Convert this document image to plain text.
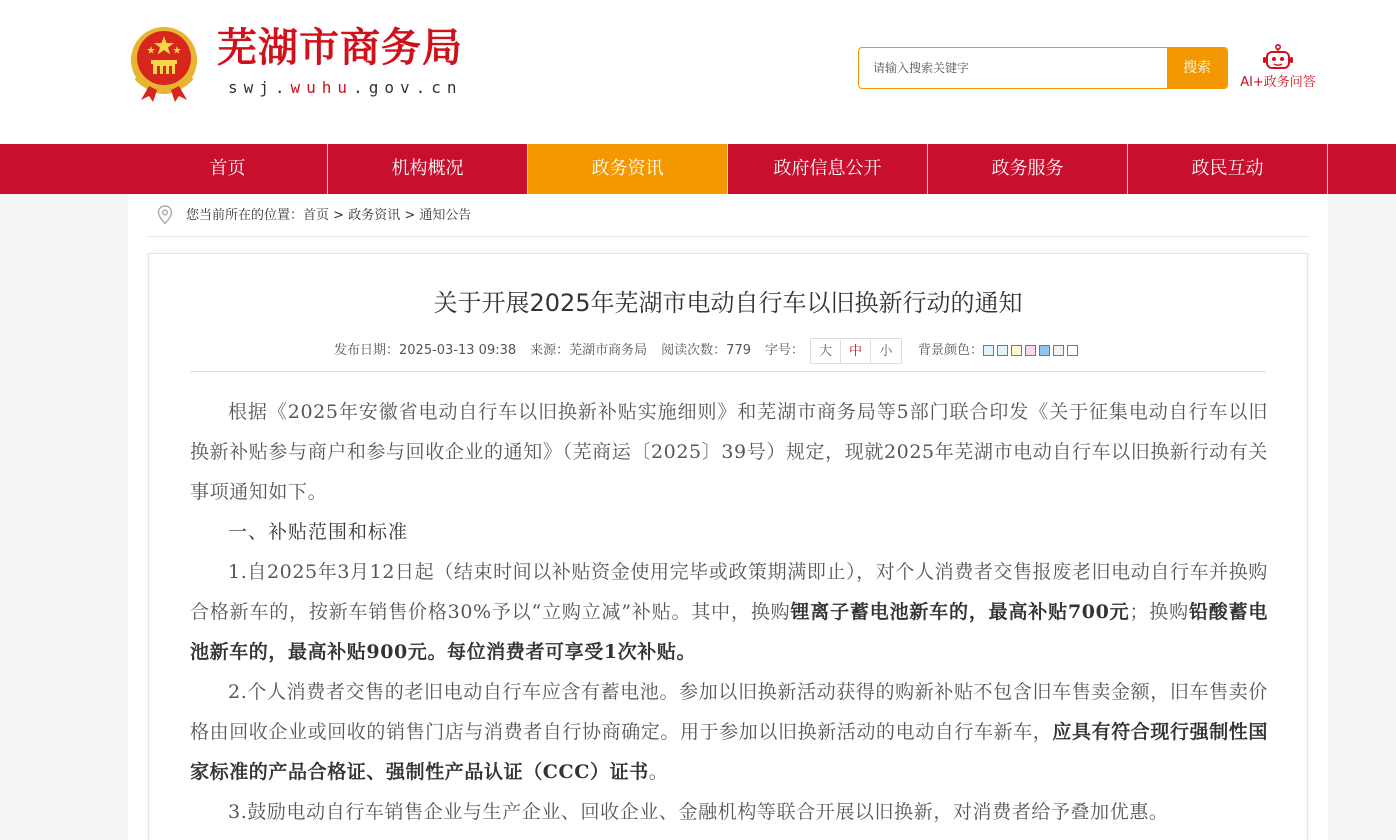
芜湖市商务局
swj.wuhu.gov.cn
请输入搜索关键字
搜索
AI+政务问答
首页	机构概况	政务资讯	政府信息公开	政务服务	政民互动
您当前所在的位置：首页 > 政务资讯 > 通知公告
关于开展2025年芜湖市电动自行车以旧换新行动的通知
发布日期：2025-03-13 09:38 来源：芜湖市商务局 阅读次数：779 字号： 大 中 小 背景颜色：

根据《2025年安徽省电动自行车以旧换新补贴实施细则》和芜湖市商务局等5部门联合印发《关于征集电动自行车以旧换新补贴参与商户和参与回收企业的通知》（芜商运〔2025〕39号）规定，现就2025年芜湖市电动自行车以旧换新行动有关事项通知如下。

一、补贴范围和标准

1.自2025年3月12日起（结束时间以补贴资金使用完毕或政策期满即止），对个人消费者交售报废老旧电动自行车并换购合格新车的，按新车销售价格30%予以“立购立减”补贴。其中，换购锂离子蓄电池新车的，最高补贴700元；换购铅酸蓄电池新车的，最高补贴900元。每位消费者可享受1次补贴。

2.个人消费者交售的老旧电动自行车应含有蓄电池。参加以旧换新活动获得的购新补贴不包含旧车售卖金额，旧车售卖价格由回收企业或回收的销售门店与消费者自行协商确定。用于参加以旧换新活动的电动自行车新车，应具有符合现行强制性国家标准的产品合格证、强制性产品认证（CCC）证书。

3.鼓励电动自行车销售企业与生产企业、回收企业、金融机构等联合开展以旧换新，对消费者给予叠加优惠。
